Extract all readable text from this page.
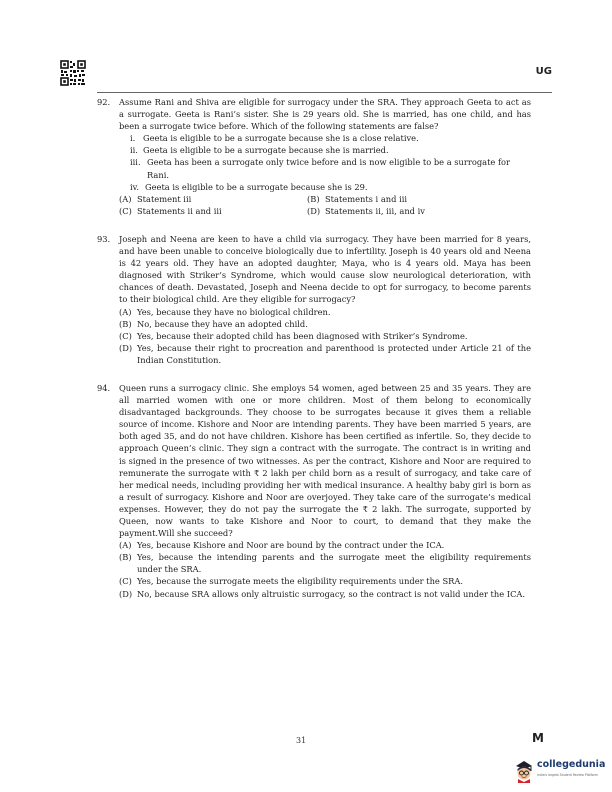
UG
92. Assume Rani and Shiva are eligible for surrogacy under the SRA. They approach Geeta to act as a surrogate. Geeta is Rani’s sister. She is 29 years old. She is married, has one child, and has been a surrogate twice before. Which of the following statements are false?
i. Geeta is eligible to be a surrogate because she is a close relative.
ii. Geeta is eligible to be a surrogate because she is married.
iii. Geeta has been a surrogate only twice before and is now eligible to be a surrogate for Rani.
iv. Geeta is eligible to be a surrogate because she is 29.
(A) Statement iii	(B) Statements i and iii
(C) Statements ii and iii	(D) Statements ii, iii, and iv
93. Joseph and Neena are keen to have a child via surrogacy. They have been married for 8 years, and have been unable to conceive biologically due to infertility. Joseph is 40 years old and Neena is 42 years old. They have an adopted daughter, Maya, who is 4 years old. Maya has been diagnosed with Striker’s Syndrome, which would cause slow neurological deterioration, with chances of death. Devastated, Joseph and Neena decide to opt for surrogacy, to become parents to their biological child. Are they eligible for surrogacy?
(A) Yes, because they have no biological children.
(B) No, because they have an adopted child.
(C) Yes, because their adopted child has been diagnosed with Striker’s Syndrome.
(D) Yes, because their right to procreation and parenthood is protected under Article 21 of the Indian Constitution.
94. Queen runs a surrogacy clinic. She employs 54 women, aged between 25 and 35 years. They are all married women with one or more children. Most of them belong to economically disadvantaged backgrounds. They choose to be surrogates because it gives them a reliable source of income. Kishore and Noor are intending parents. They have been married 5 years, are both aged 35, and do not have children. Kishore has been certified as infertile. So, they decide to approach Queen’s clinic. They sign a contract with the surrogate. The contract is in writing and is signed in the presence of two witnesses. As per the contract, Kishore and Noor are required to remunerate the surrogate with ₹ 2 lakh per child born as a result of surrogacy, and take care of her medical needs, including providing her with medical insurance. A healthy baby girl is born as a result of surrogacy. Kishore and Noor are overjoyed. They take care of the surrogate’s medical expenses. However, they do not pay the surrogate the ₹ 2 lakh. The surrogate, supported by Queen, now wants to take Kishore and Noor to court, to demand that they make the payment.Will she succeed?
(A) Yes, because Kishore and Noor are bound by the contract under the ICA.
(B) Yes, because the intending parents and the surrogate meet the eligibility requirements under the SRA.
(C) Yes, because the surrogate meets the eligibility requirements under the SRA.
(D) No, because SRA allows only altruistic surrogacy, so the contract is not valid under the ICA.
31	M
collegedunia
India's largest Student Review Platform
